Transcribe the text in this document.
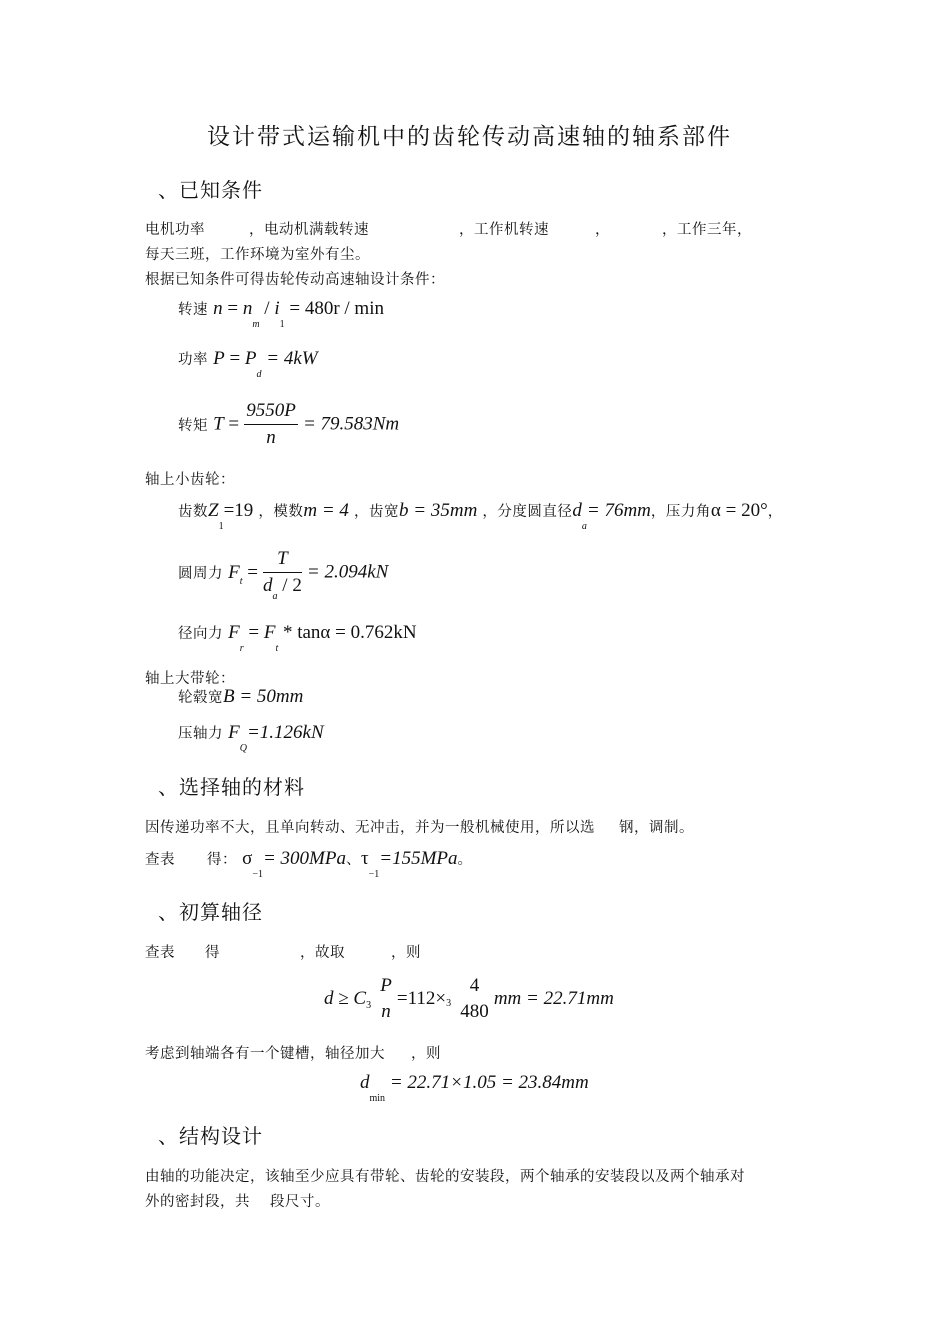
设计带式运输机中的齿轮传动高速轴的轴系部件
、已知条件
电机功率	，电动机满载转速	，工作机转速	，	，工作三年，
每天三班，工作环境为室外有尘。
根据已知条件可得齿轮传动高速轴设计条件：
转速 $n = n_m / i_1 = 480r / \min$
功率 $P = P_d = 4kW$
转矩 $T = \frac{9550P}{n} = 79.583Nm$
轴上小齿轮：
齿数$Z_1=19$ ，模数m = 4 ，齿宽b = 35mm ，分度圆直径$d_a= 76mm$，压力角α = 20°，
圆周力 $F_t = \frac{T}{d_a / 2} = 2.094kN$
径向力 $F_r = F_t * \tan\alpha = 0.762kN$
轴上大带轮：
轮毂宽B = 50mm
压轴力 $F_Q=1.126kN$
、选择轴的材料
因传递功率不大，且单向转动、无冲击，并为一般机械使用，所以选 钢，调制。
查表 得： $\sigma_{-1}= 300MPa$、$\tau_{-1}=155MPa$。
、初算轴径
查表 得	，故取	，则
$d \ge C_3$
P
n
$=112\times_3$
4
480
mm = 22.71mm
考虑到轴端各有一个键槽，轴径加大 ，则
$d_{min} = 22.71\times 1.05 = 23.84mm$
、结构设计
由轴的功能决定，该轴至少应具有带轮、齿轮的安装段，两个轴承的安装段以及两个轴承对
外的密封段，共 段尺寸。
